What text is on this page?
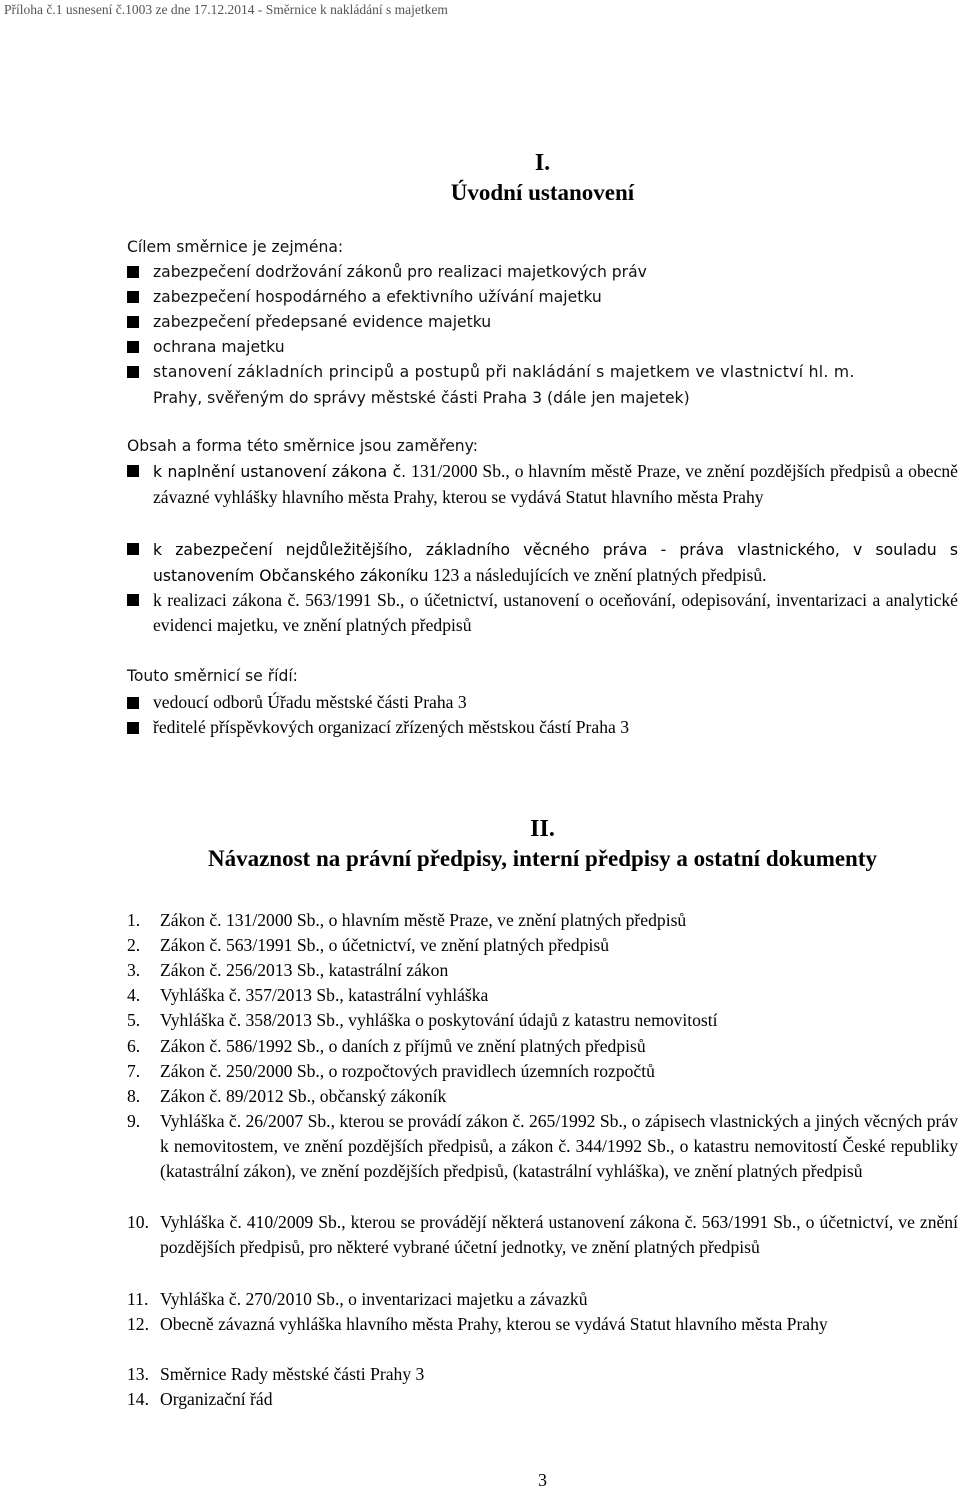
Příloha č.1 usnesení č.1003 ze dne 17.12.2014 - Směrnice k nakládání s majetkem
I.
Úvodní ustanovení
Cílem směrnice je zejména:
zabezpečení dodržování zákonů pro realizaci majetkových práv
zabezpečení hospodárného a efektivního užívání majetku
zabezpečení předepsané evidence majetku
ochrana majetku
stanovení základních principů a postupů při nakládání s majetkem ve vlastnictví hl. m.
Prahy, svěřeným do správy městské části Praha 3 (dále jen majetek)
Obsah a forma této směrnice jsou zaměřeny:
k naplnění ustanovení zákona č. 131/2000 Sb., o hlavním městě Praze, ve znění pozdějších předpisů a obecně závazné vyhlášky hlavního města Prahy, kterou se vydává Statut hlavního města Prahy
k zabezpečení nejdůležitějšího, základního věcného práva - práva vlastnického, v souladu s ustanovením Občanského zákoníku 123 a následujících ve znění platných předpisů.
k realizaci zákona č. 563/1991 Sb., o účetnictví, ustanovení o oceňování, odepisování, inventarizaci a analytické evidenci majetku, ve znění platných předpisů
Touto směrnicí se řídí:
vedoucí odborů Úřadu městské části Praha 3
ředitelé příspěvkových organizací zřízených městskou částí Praha 3
II.
Návaznost na právní předpisy, interní předpisy a ostatní dokumenty
1. Zákon č. 131/2000 Sb., o hlavním městě Praze, ve znění platných předpisů
2. Zákon č. 563/1991 Sb., o účetnictví, ve znění platných předpisů
3. Zákon č. 256/2013 Sb., katastrální zákon
4. Vyhláška č. 357/2013 Sb., katastrální vyhláška
5. Vyhláška č. 358/2013 Sb., vyhláška o poskytování údajů z katastru nemovitostí
6. Zákon č. 586/1992 Sb., o daních z příjmů ve znění platných předpisů
7. Zákon č. 250/2000 Sb., o rozpočtových pravidlech územních rozpočtů
8. Zákon č. 89/2012 Sb., občanský zákoník
9. Vyhláška č. 26/2007 Sb., kterou se provádí zákon č. 265/1992 Sb., o zápisech vlastnických a jiných věcných práv k nemovitostem, ve znění pozdějších předpisů, a zákon č. 344/1992 Sb., o katastru nemovitostí České republiky (katastrální zákon), ve znění pozdějších předpisů, (katastrální vyhláška), ve znění platných předpisů
10. Vyhláška č. 410/2009 Sb., kterou se provádějí některá ustanovení zákona č. 563/1991 Sb., o účetnictví, ve znění pozdějších předpisů, pro některé vybrané účetní jednotky, ve znění platných předpisů
11. Vyhláška č. 270/2010 Sb., o inventarizaci majetku a závazků
12. Obecně závazná vyhláška hlavního města Prahy, kterou se vydává Statut hlavního města Prahy
13. Směrnice Rady městské části Prahy 3
14. Organizační řád
3
